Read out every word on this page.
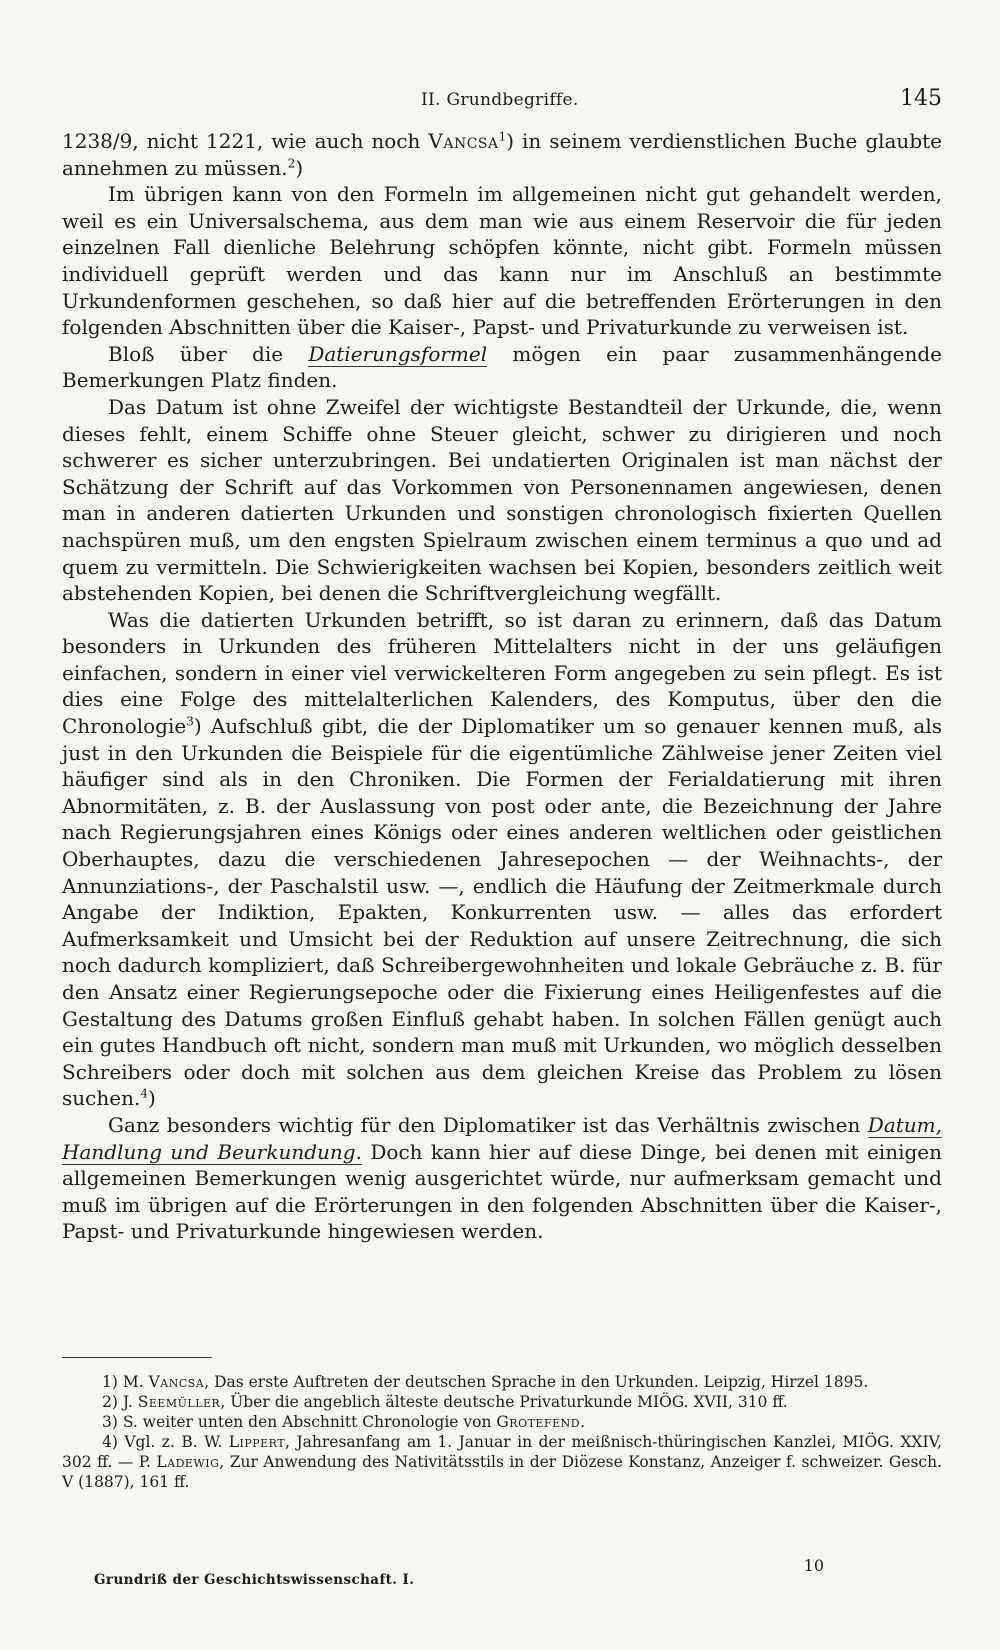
II. Grundbegriffe.	145

1238/9, nicht 1221, wie auch noch Vancsa$^1$) in seinem verdienstlichen Buche glaubte annehmen zu müssen.$^2$)

Im übrigen kann von den Formeln im allgemeinen nicht gut gehandelt werden, weil es ein Universalschema, aus dem man wie aus einem Reservoir die für jeden einzelnen Fall dienliche Belehrung schöpfen könnte, nicht gibt. Formeln müssen individuell geprüft werden und das kann nur im Anschluß an bestimmte Urkundenformen geschehen, so daß hier auf die betreffenden Erörterungen in den folgenden Abschnitten über die Kaiser-, Papst- und Privaturkunde zu verweisen ist.

Bloß über die Datierungsformel mögen ein paar zusammenhängende Bemerkungen Platz finden.

Das Datum ist ohne Zweifel der wichtigste Bestandteil der Urkunde, die, wenn dieses fehlt, einem Schiffe ohne Steuer gleicht, schwer zu dirigieren und noch schwerer es sicher unterzubringen. Bei undatierten Originalen ist man nächst der Schätzung der Schrift auf das Vorkommen von Personennamen angewiesen, denen man in anderen datierten Urkunden und sonstigen chronologisch fixierten Quellen nachspüren muß, um den engsten Spielraum zwischen einem terminus a quo und ad quem zu vermitteln. Die Schwierigkeiten wachsen bei Kopien, besonders zeitlich weit abstehenden Kopien, bei denen die Schriftvergleichung wegfällt.

Was die datierten Urkunden betrifft, so ist daran zu erinnern, daß das Datum besonders in Urkunden des früheren Mittelalters nicht in der uns geläufigen einfachen, sondern in einer viel verwickelteren Form angegeben zu sein pflegt. Es ist dies eine Folge des mittelalterlichen Kalenders, des Komputus, über den die Chronologie$^3$) Aufschluß gibt, die der Diplomatiker um so genauer kennen muß, als just in den Urkunden die Beispiele für die eigentümliche Zählweise jener Zeiten viel häufiger sind als in den Chroniken. Die Formen der Ferialdatierung mit ihren Abnormitäten, z. B. der Auslassung von post oder ante, die Bezeichnung der Jahre nach Regierungsjahren eines Königs oder eines anderen weltlichen oder geistlichen Oberhauptes, dazu die verschiedenen Jahresepochen — der Weihnachts-, der Annunziations-, der Paschalstil usw. —, endlich die Häufung der Zeitmerkmale durch Angabe der Indiktion, Epakten, Konkurrenten usw. — alles das erfordert Aufmerksamkeit und Umsicht bei der Reduktion auf unsere Zeitrechnung, die sich noch dadurch kompliziert, daß Schreibergewohnheiten und lokale Gebräuche z. B. für den Ansatz einer Regierungsepoche oder die Fixierung eines Heiligenfestes auf die Gestaltung des Datums großen Einfluß gehabt haben. In solchen Fällen genügt auch ein gutes Handbuch oft nicht, sondern man muß mit Urkunden, wo möglich desselben Schreibers oder doch mit solchen aus dem gleichen Kreise das Problem zu lösen suchen.$^4$)

Ganz besonders wichtig für den Diplomatiker ist das Verhältnis zwischen Datum, Handlung und Beurkundung. Doch kann hier auf diese Dinge, bei denen mit einigen allgemeinen Bemerkungen wenig ausgerichtet würde, nur aufmerksam gemacht und muß im übrigen auf die Erörterungen in den folgenden Abschnitten über die Kaiser-, Papst- und Privaturkunde hingewiesen werden.

1) M. Vancsa, Das erste Auftreten der deutschen Sprache in den Urkunden. Leipzig, Hirzel 1895.

2) J. Seemüller, Über die angeblich älteste deutsche Privaturkunde MIÖG. XVII, 310 ff.

3) S. weiter unten den Abschnitt Chronologie von Grotefend.

4) Vgl. z. B. W. Lippert, Jahresanfang am 1. Januar in der meißnisch-thüringischen Kanzlei, MIÖG. XXIV, 302 ff. — P. Ladewig, Zur Anwendung des Nativitätsstils in der Diözese Konstanz, Anzeiger f. schweizer. Gesch. V (1887), 161 ff.

Grundriß der Geschichtswissenschaft. I.
10
